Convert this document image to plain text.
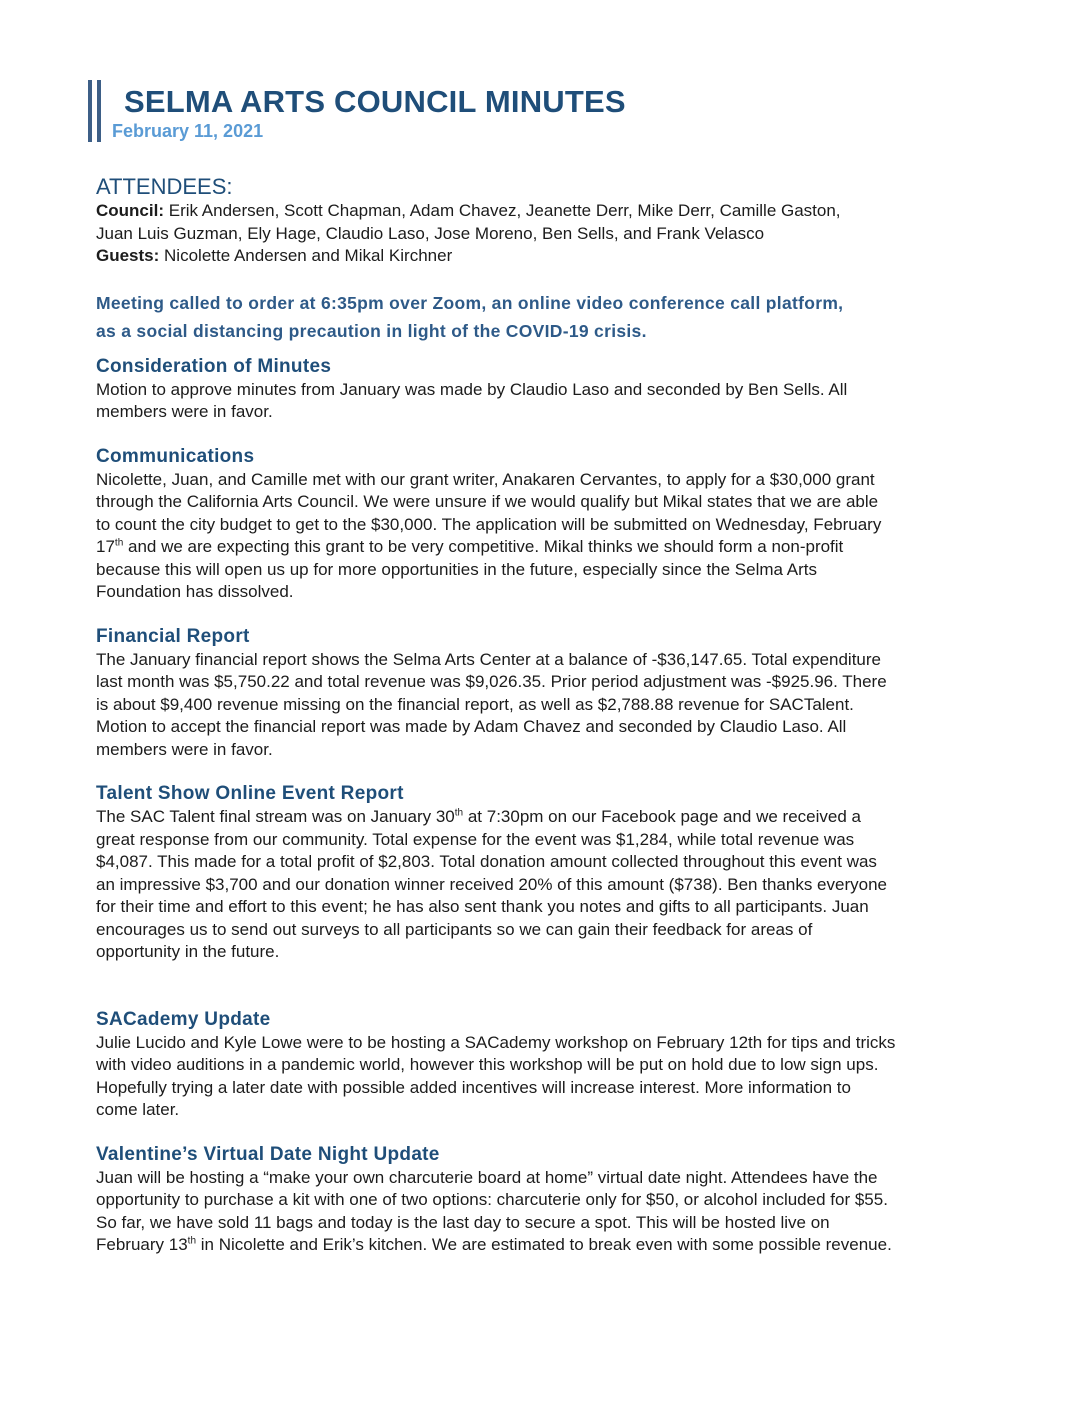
SELMA ARTS COUNCIL MINUTES
February 11, 2021
ATTENDEES:

Council: Erik Andersen, Scott Chapman, Adam Chavez, Jeanette Derr, Mike Derr, Camille Gaston,

Juan Luis Guzman, Ely Hage, Claudio Laso, Jose Moreno, Ben Sells, and Frank Velasco

Guests: Nicolette Andersen and Mikal Kirchner

Meeting called to order at 6:35pm over Zoom, an online video conference call platform,
as a social distancing precaution in light of the COVID-19 crisis.
Consideration of Minutes

Motion to approve minutes from January was made by Claudio Laso and seconded by Ben Sells. All

members were in favor.

Communications

Nicolette, Juan, and Camille met with our grant writer, Anakaren Cervantes, to apply for a $30,000 grant

through the California Arts Council. We were unsure if we would qualify but Mikal states that we are able

to count the city budget to get to the $30,000. The application will be submitted on Wednesday, February

17th and we are expecting this grant to be very competitive. Mikal thinks we should form a non-profit

because this will open us up for more opportunities in the future, especially since the Selma Arts

Foundation has dissolved.

Financial Report

The January financial report shows the Selma Arts Center at a balance of -$36,147.65. Total expenditure

last month was $5,750.22 and total revenue was $9,026.35. Prior period adjustment was -$925.96. There

is about $9,400 revenue missing on the financial report, as well as $2,788.88 revenue for SACTalent.

Motion to accept the financial report was made by Adam Chavez and seconded by Claudio Laso. All

members were in favor.

Talent Show Online Event Report

The SAC Talent final stream was on January 30th at 7:30pm on our Facebook page and we received a

great response from our community. Total expense for the event was $1,284, while total revenue was

$4,087. This made for a total profit of $2,803. Total donation amount collected throughout this event was

an impressive $3,700 and our donation winner received 20% of this amount ($738). Ben thanks everyone

for their time and effort to this event; he has also sent thank you notes and gifts to all participants. Juan

encourages us to send out surveys to all participants so we can gain their feedback for areas of

opportunity in the future.

SACademy Update

Julie Lucido and Kyle Lowe were to be hosting a SACademy workshop on February 12th for tips and tricks

with video auditions in a pandemic world, however this workshop will be put on hold due to low sign ups.

Hopefully trying a later date with possible added incentives will increase interest. More information to

come later.

Valentine’s Virtual Date Night Update

Juan will be hosting a “make your own charcuterie board at home” virtual date night. Attendees have the

opportunity to purchase a kit with one of two options: charcuterie only for $50, or alcohol included for $55.

So far, we have sold 11 bags and today is the last day to secure a spot. This will be hosted live on

February 13th in Nicolette and Erik’s kitchen. We are estimated to break even with some possible revenue.
